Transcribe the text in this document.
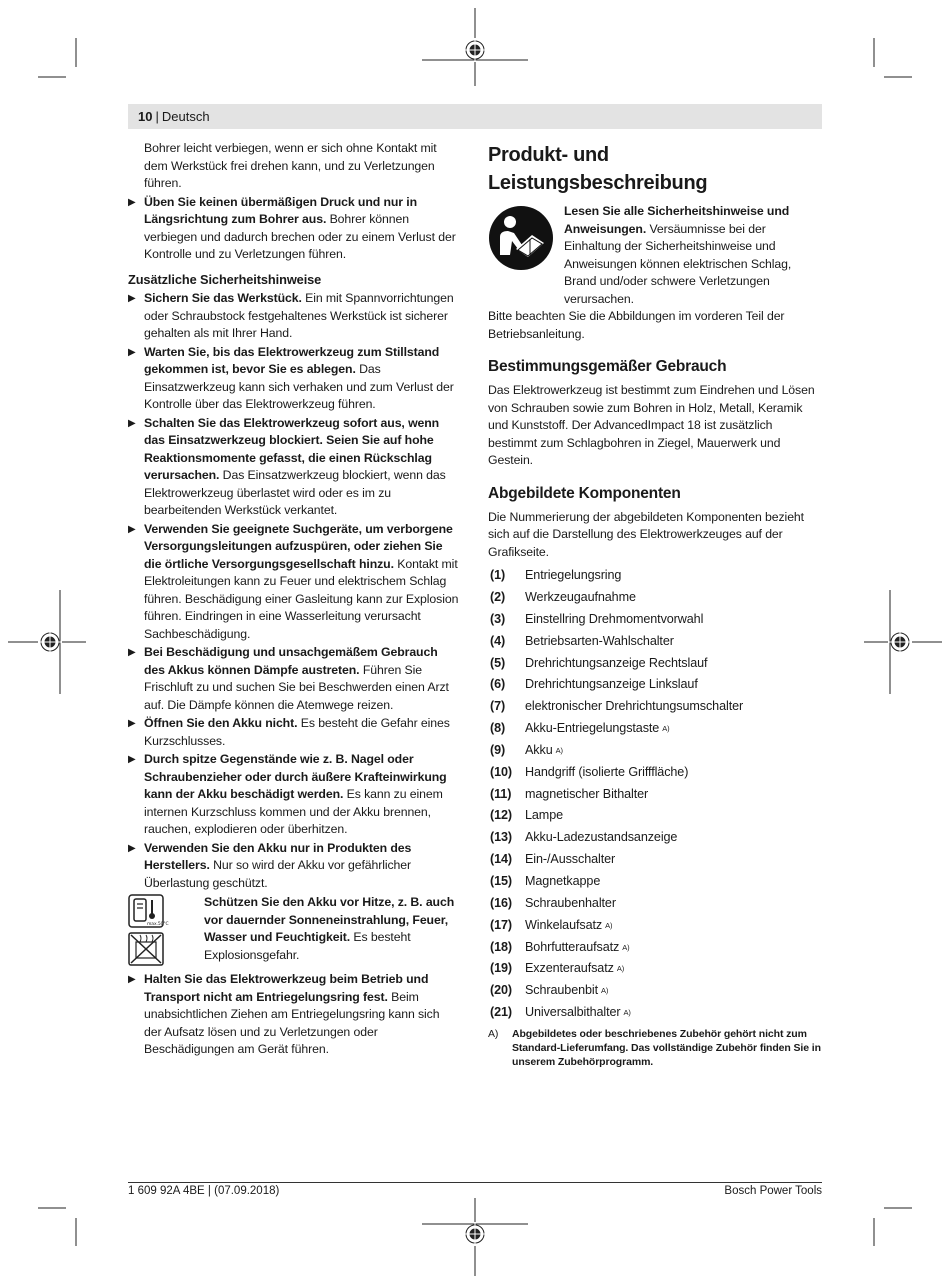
10 | Deutsch

Bohrer leicht verbiegen, wenn er sich ohne Kontakt mit dem Werkstück frei drehen kann, und zu Verletzungen führen.

▶ Üben Sie keinen übermäßigen Druck und nur in Längsrichtung zum Bohrer aus. Bohrer können verbiegen und dadurch brechen oder zu einem Verlust der Kontrolle und zu Verletzungen führen.

Zusätzliche Sicherheitshinweise

▶ Sichern Sie das Werkstück. Ein mit Spannvorrichtungen oder Schraubstock festgehaltenes Werkstück ist sicherer gehalten als mit Ihrer Hand.

▶ Warten Sie, bis das Elektrowerkzeug zum Stillstand gekommen ist, bevor Sie es ablegen. Das Einsatzwerkzeug kann sich verhaken und zum Verlust der Kontrolle über das Elektrowerkzeug führen.

▶ Schalten Sie das Elektrowerkzeug sofort aus, wenn das Einsatzwerkzeug blockiert. Seien Sie auf hohe Reaktionsmomente gefasst, die einen Rückschlag verursachen. Das Einsatzwerkzeug blockiert, wenn das Elektrowerkzeug überlastet wird oder es im zu bearbeitenden Werkstück verkantet.

▶ Verwenden Sie geeignete Suchgeräte, um verborgene Versorgungsleitungen aufzuspüren, oder ziehen Sie die örtliche Versorgungsgesellschaft hinzu. Kontakt mit Elektroleitungen kann zu Feuer und elektrischem Schlag führen. Beschädigung einer Gasleitung kann zur Explosion führen. Eindringen in eine Wasserleitung verursacht Sachbeschädigung.

▶ Bei Beschädigung und unsachgemäßem Gebrauch des Akkus können Dämpfe austreten. Führen Sie Frischluft zu und suchen Sie bei Beschwerden einen Arzt auf. Die Dämpfe können die Atemwege reizen.

▶ Öffnen Sie den Akku nicht. Es besteht die Gefahr eines Kurzschlusses.

▶ Durch spitze Gegenstände wie z. B. Nagel oder Schraubenzieher oder durch äußere Krafteinwirkung kann der Akku beschädigt werden. Es kann zu einem internen Kurzschluss kommen und der Akku brennen, rauchen, explodieren oder überhitzen.

▶ Verwenden Sie den Akku nur in Produkten des Herstellers. Nur so wird der Akku vor gefährlicher Überlastung geschützt.

max.50°C

Schützen Sie den Akku vor Hitze, z. B. auch vor dauernder Sonneneinstrahlung, Feuer, Wasser und Feuchtigkeit. Es besteht Explosionsgefahr.

▶ Halten Sie das Elektrowerkzeug beim Betrieb und Transport nicht am Entriegelungsring fest. Beim unabsichtlichen Ziehen am Entriegelungsring kann sich der Aufsatz lösen und zu Verletzungen oder Beschädigungen am Gerät führen.

Produkt- und
Leistungsbeschreibung

Lesen Sie alle Sicherheitshinweise und Anweisungen. Versäumnisse bei der Einhaltung der Sicherheitshinweise und Anweisungen können elektrischen Schlag, Brand und/oder schwere Verletzungen verursachen.

Bitte beachten Sie die Abbildungen im vorderen Teil der Betriebsanleitung.

Bestimmungsgemäßer Gebrauch

Das Elektrowerkzeug ist bestimmt zum Eindrehen und Lösen von Schrauben sowie zum Bohren in Holz, Metall, Keramik und Kunststoff. Der AdvancedImpact 18 ist zusätzlich bestimmt zum Schlagbohren in Ziegel, Mauerwerk und Gestein.

Abgebildete Komponenten

Die Nummerierung der abgebildeten Komponenten bezieht sich auf die Darstellung des Elektrowerkzeuges auf der Grafikseite.

(1)	Entriegelungsring
(2)	Werkzeugaufnahme
(3)	Einstellring Drehmomentvorwahl
(4)	Betriebsarten-Wahlschalter
(5)	Drehrichtungsanzeige Rechtslauf
(6)	Drehrichtungsanzeige Linkslauf
(7)	elektronischer Drehrichtungsumschalter
(8)	Akku-Entriegelungstaste A)
(9)	Akku A)
(10)	Handgriff (isolierte Grifffläche)
(11)	magnetischer Bithalter
(12)	Lampe
(13)	Akku-Ladezustandsanzeige
(14)	Ein-/Ausschalter
(15)	Magnetkappe
(16)	Schraubenhalter
(17)	Winkelaufsatz A)
(18)	Bohrfutteraufsatz A)
(19)	Exzenteraufsatz A)
(20)	Schraubenbit A)
(21)	Universalbithalter A)
A)	Abgebildetes oder beschriebenes Zubehör gehört nicht zum Standard-Lieferumfang. Das vollständige Zubehör finden Sie in unserem Zubehörprogramm.
1 609 92A 4BE | (07.09.2018)	Bosch Power Tools
